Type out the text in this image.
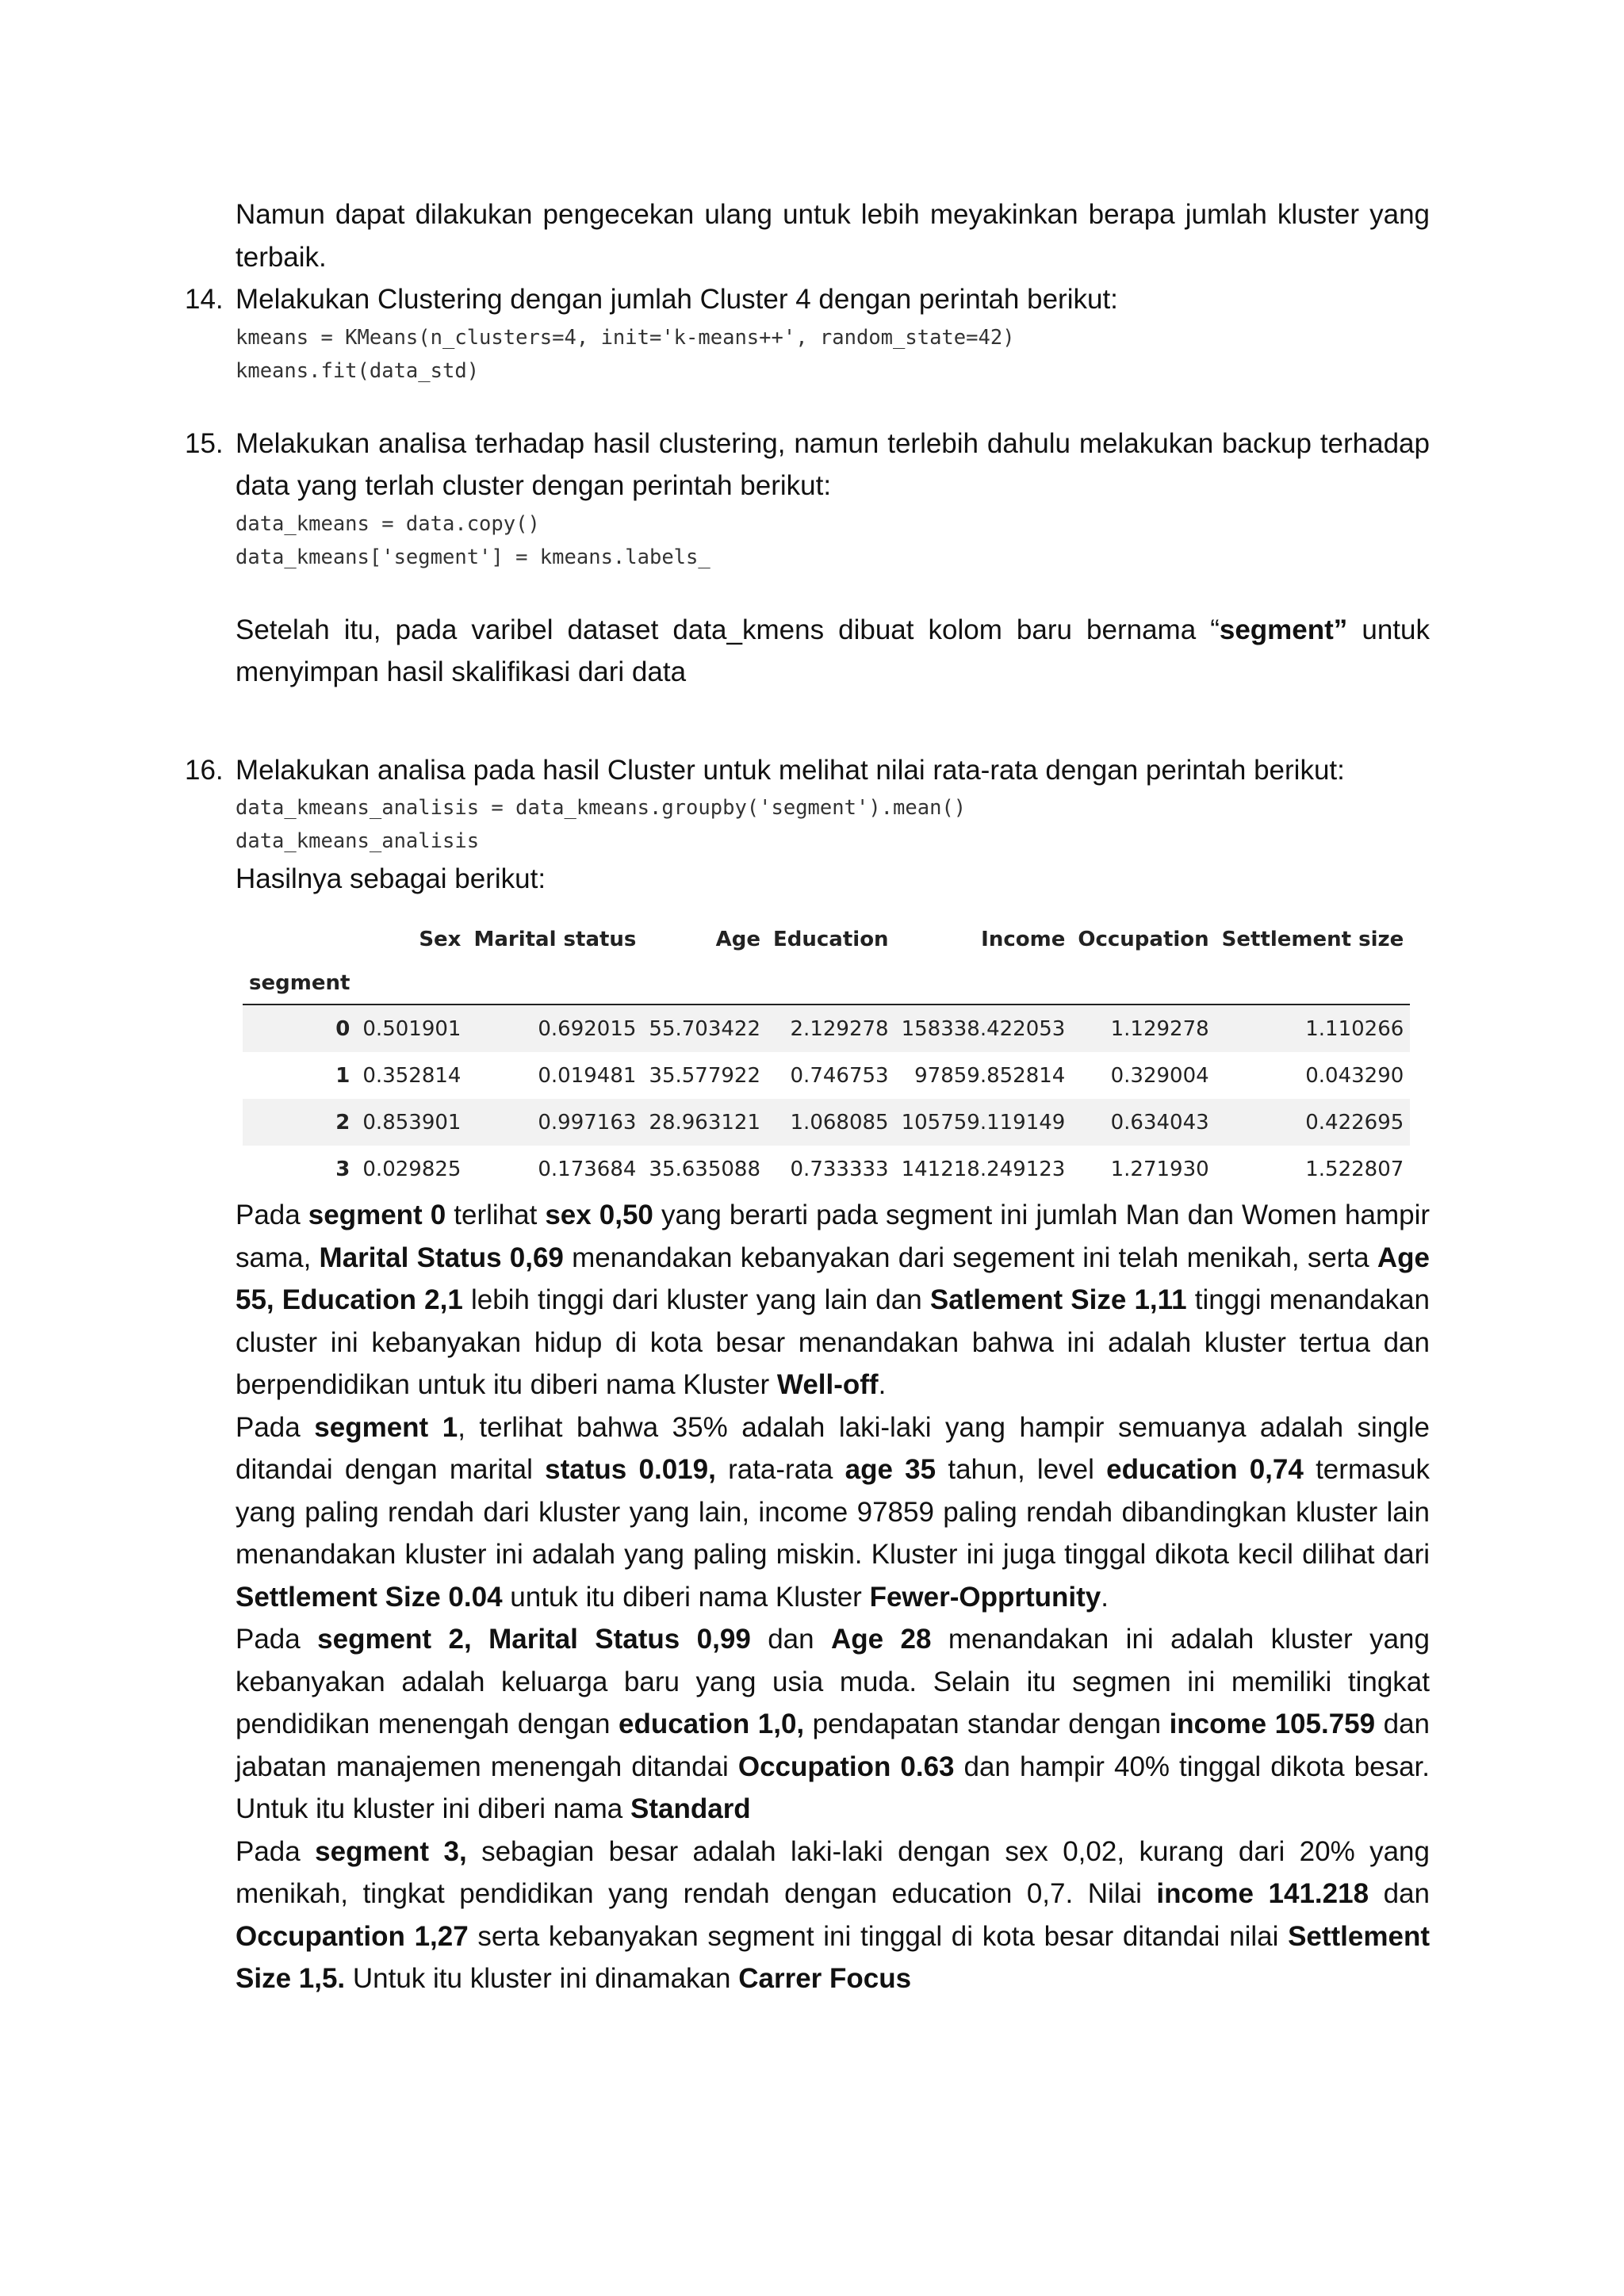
Namun dapat dilakukan pengecekan ulang untuk lebih meyakinkan berapa jumlah kluster yang terbaik.

14. Melakukan Clustering dengan jumlah Cluster 4 dengan perintah berikut:

kmeans = KMeans(n_clusters=4, init='k-means++', random_state=42)
kmeans.fit(data_std)
15. Melakukan analisa terhadap hasil clustering, namun terlebih dahulu melakukan backup terhadap data yang terlah cluster dengan perintah berikut:

data_kmeans = data.copy()
data_kmeans['segment'] = kmeans.labels_

Setelah itu, pada varibel dataset data_kmens dibuat kolom baru bernama “segment” untuk menyimpan hasil skalifikasi dari data

16. Melakukan analisa pada hasil Cluster untuk melihat nilai rata-rata dengan perintah berikut:

data_kmeans_analisis = data_kmeans.groupby('segment').mean()
data_kmeans_analisis

Hasilnya sebagai berikut:

	Sex	Marital status	Age	Education	Income	Occupation	Settlement size
segment							
0	0.501901	0.692015	55.703422	2.129278	158338.422053	1.129278	1.110266
1	0.352814	0.019481	35.577922	0.746753	97859.852814	0.329004	0.043290
2	0.853901	0.997163	28.963121	1.068085	105759.119149	0.634043	0.422695
3	0.029825	0.173684	35.635088	0.733333	141218.249123	1.271930	1.522807

Pada segment 0 terlihat sex 0,50 yang berarti pada segment ini jumlah Man dan Women hampir sama, Marital Status 0,69 menandakan kebanyakan dari segement ini telah menikah, serta Age 55, Education 2,1 lebih tinggi dari kluster yang lain dan Satlement Size 1,11 tinggi menandakan cluster ini kebanyakan hidup di kota besar menandakan bahwa ini adalah kluster tertua dan berpendidikan untuk itu diberi nama Kluster Well-off.

Pada segment 1, terlihat bahwa 35% adalah laki-laki yang hampir semuanya adalah single ditandai dengan marital status 0.019, rata-rata age 35 tahun, level education 0,74 termasuk yang paling rendah dari kluster yang lain, income 97859 paling rendah dibandingkan kluster lain menandakan kluster ini adalah yang paling miskin. Kluster ini juga tinggal dikota kecil dilihat dari Settlement Size 0.04 untuk itu diberi nama Kluster Fewer-Opprtunity.

Pada segment 2, Marital Status 0,99 dan Age 28 menandakan ini adalah kluster yang kebanyakan adalah keluarga baru yang usia muda. Selain itu segmen ini memiliki tingkat pendidikan menengah dengan education 1,0, pendapatan standar dengan income 105.759 dan jabatan manajemen menengah ditandai Occupation 0.63 dan hampir 40% tinggal dikota besar. Untuk itu kluster ini diberi nama Standard

Pada segment 3, sebagian besar adalah laki-laki dengan sex 0,02, kurang dari 20% yang menikah, tingkat pendidikan yang rendah dengan education 0,7. Nilai income 141.218 dan Occupantion 1,27 serta kebanyakan segment ini tinggal di kota besar ditandai nilai Settlement Size 1,5. Untuk itu kluster ini dinamakan Carrer Focus
